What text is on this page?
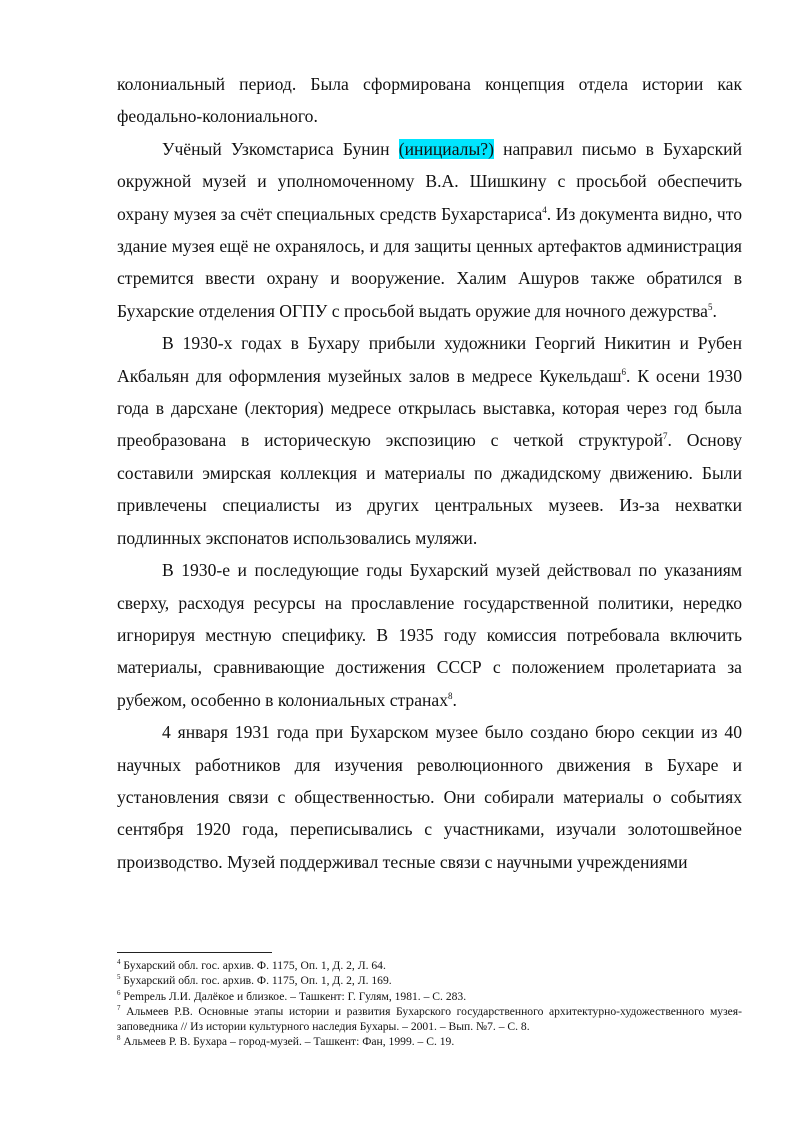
колониальный период. Была сформирована концепция отдела истории как феодально-колониального.

Учёный Узкомстариса Бунин (инициалы?) направил письмо в Бухарский окружной музей и уполномоченному В.А. Шишкину с просьбой обеспечить охрану музея за счёт специальных средств Бухарстариса$^4$. Из документа видно, что здание музея ещё не охранялось, и для защиты ценных артефактов администрация стремится ввести охрану и вооружение. Халим Ашуров также обратился в Бухарские отделения ОГПУ с просьбой выдать оружие для ночного дежурства$^5$.

В 1930-х годах в Бухару прибыли художники Георгий Никитин и Рубен Акбальян для оформления музейных залов в медресе Кукельдаш$^6$. К осени 1930 года в дарсхане (лектория) медресе открылась выставка, которая через год была преобразована в историческую экспозицию с четкой структурой$^7$. Основу составили эмирская коллекция и материалы по джадидскому движению. Были привлечены специалисты из других центральных музеев. Из-за нехватки подлинных экспонатов использовались муляжи.

В 1930-е и последующие годы Бухарский музей действовал по указаниям сверху, расходуя ресурсы на прославление государственной политики, нередко игнорируя местную специфику. В 1935 году комиссия потребовала включить материалы, сравнивающие достижения СССР с положением пролетариата за рубежом, особенно в колониальных странах$^8$.

4 января 1931 года при Бухарском музее было создано бюро секции из 40 научных работников для изучения революционного движения в Бухаре и установления связи с общественностью. Они собирали материалы о событиях сентября 1920 года, переписывались с участниками, изучали золотошвейное производство. Музей поддерживал тесные связи с научными учреждениями

$^4$ Бухарский обл. гос. архив. Ф. 1175, Оп. 1, Д. 2, Л. 64.

$^5$ Бухарский обл. гос. архив. Ф. 1175, Оп. 1, Д. 2, Л. 169.

$^6$ Рempель Л.И. Далёкое и близкое. – Ташкент: Г. Гулям, 1981. – С. 283.

$^7$ Альмеев Р.В. Основные этапы истории и развития Бухарского государственного архитектурно-художественного музея-заповедника // Из истории культурного наследия Бухары. – 2001. – Вып. №7. – С. 8.

$^8$ Альмеев Р. В. Бухара – город-музей. – Ташкент: Фан, 1999. – С. 19.
